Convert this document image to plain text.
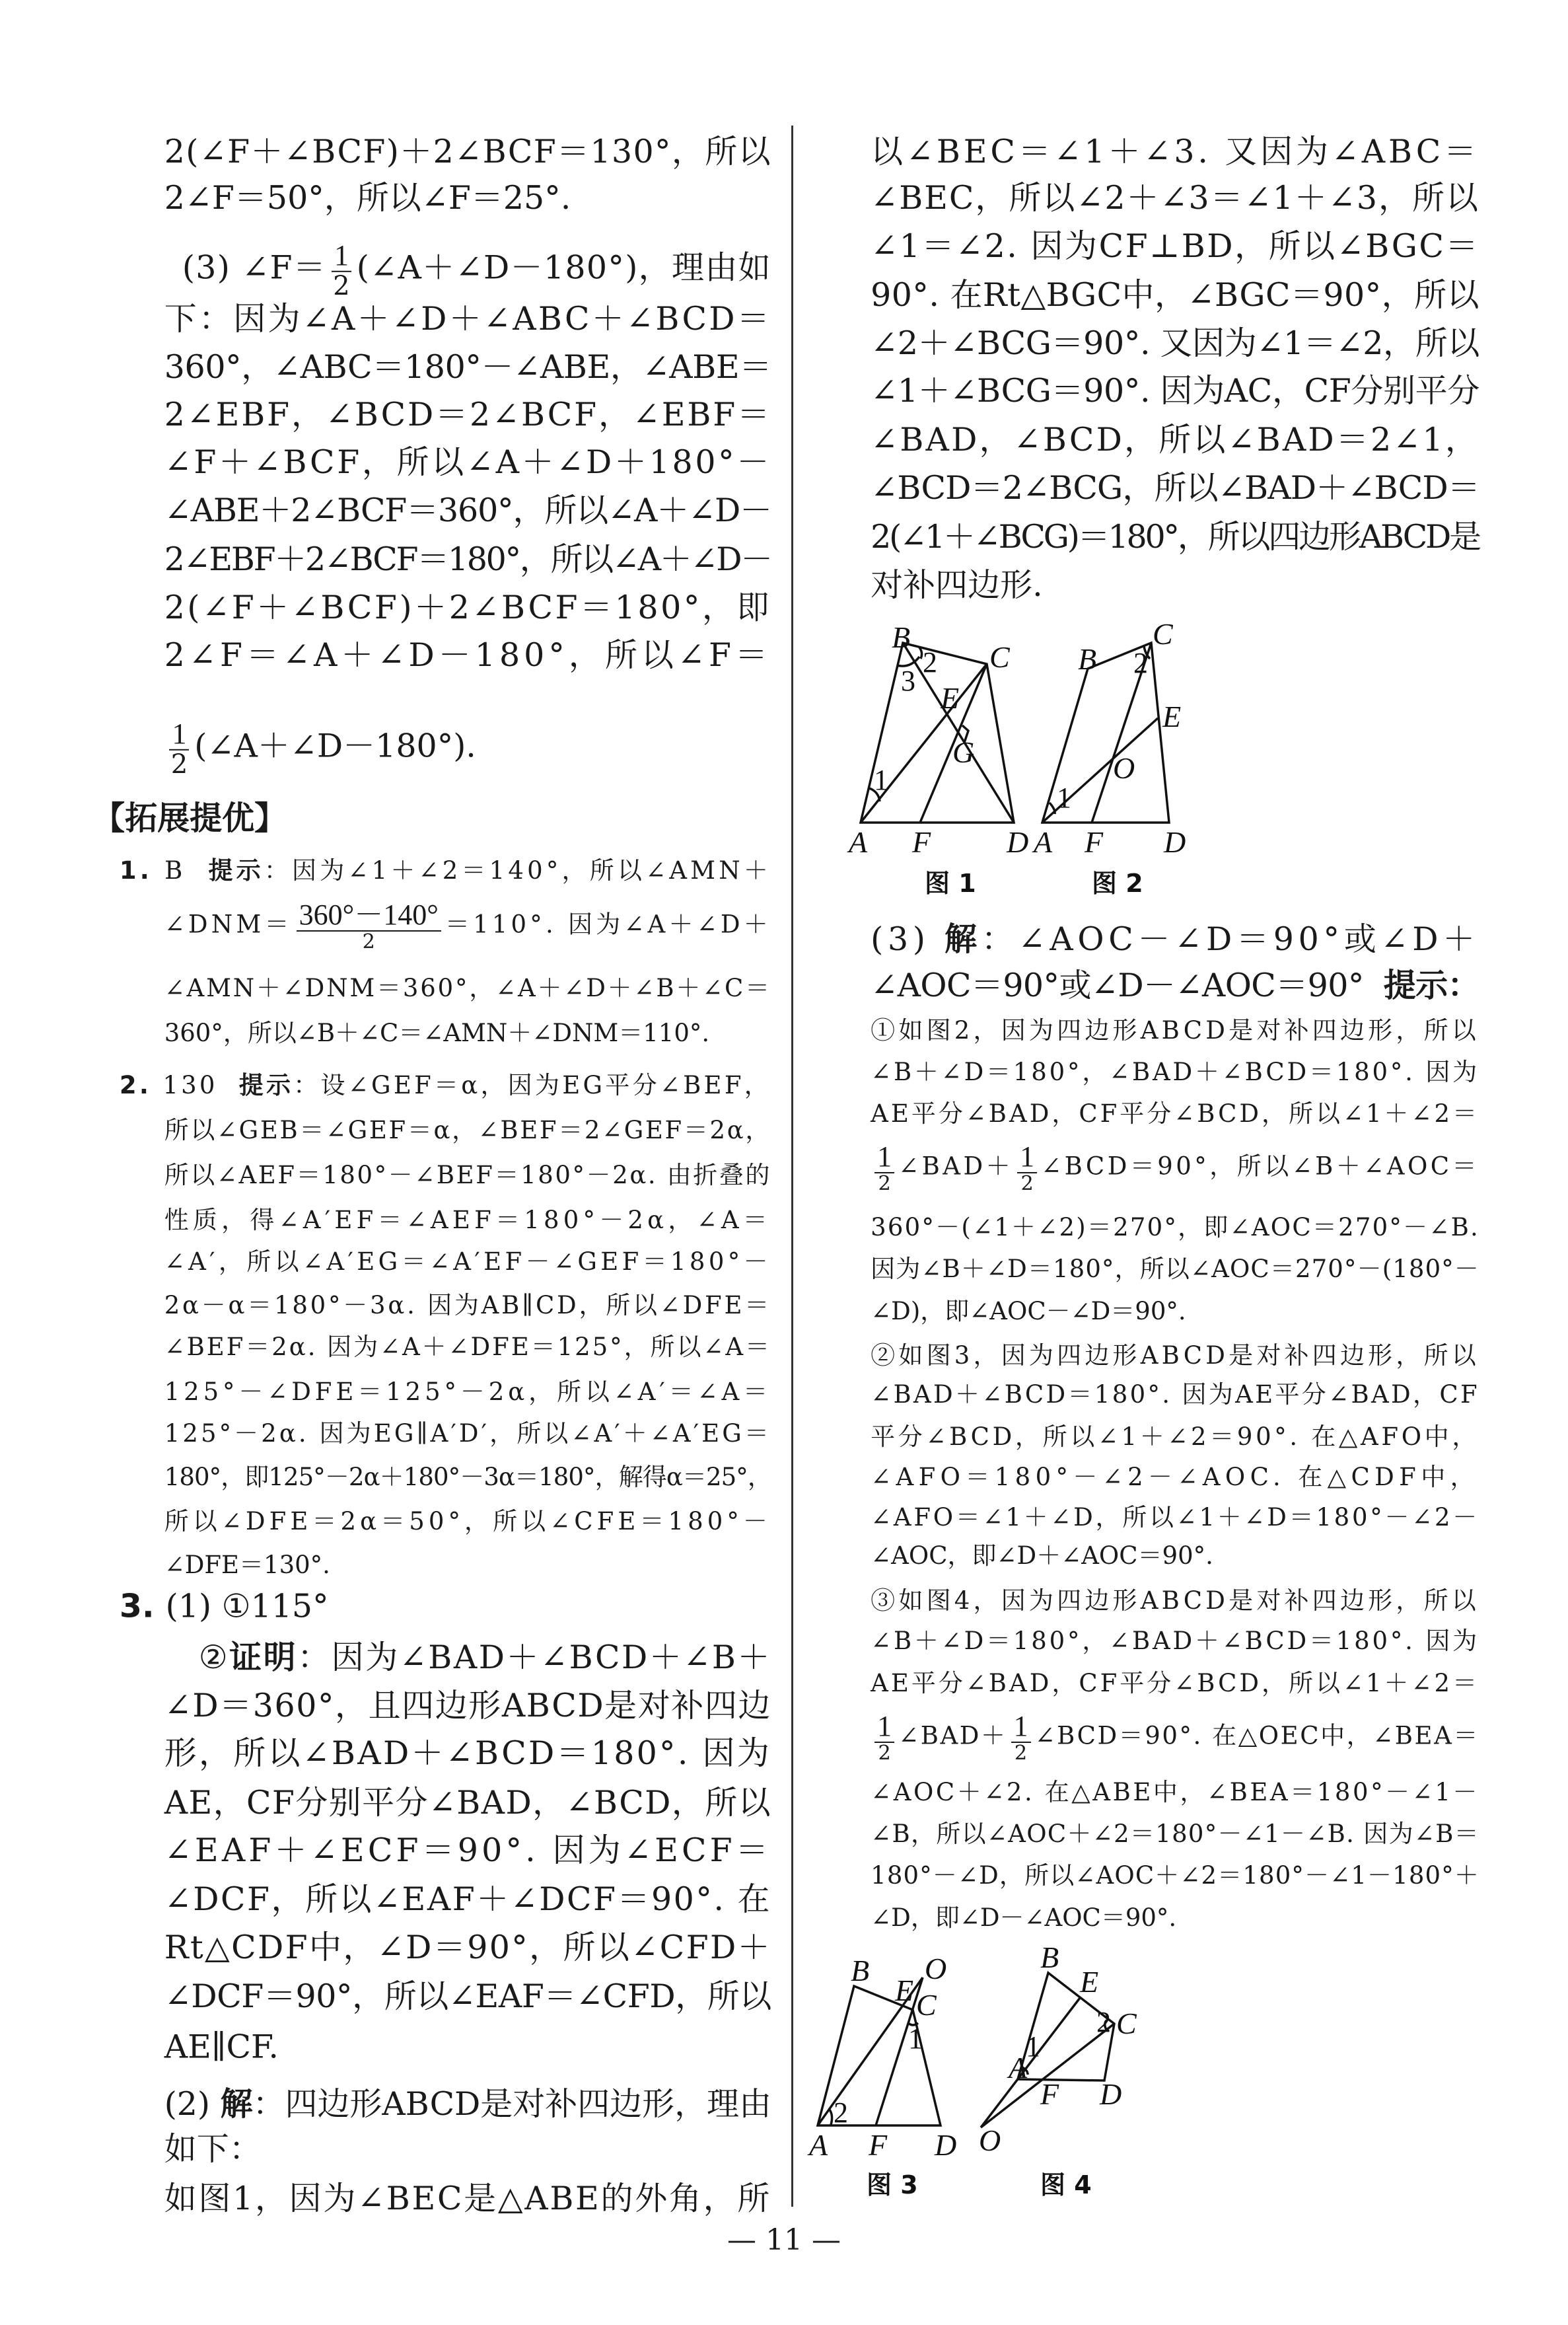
2(∠F＋∠BCF)＋2∠BCF＝130°，所以
2∠F＝50°，所以∠F＝25°.
(3) ∠F＝ $\frac{1}{2}$ (∠A＋∠D－180°)，理由如
下：因为∠A＋∠D＋∠ABC＋∠BCD＝
360°，∠ABC＝180°－∠ABE，∠ABE＝
2∠EBF，∠BCD＝2∠BCF，∠EBF＝
∠F＋∠BCF，所以∠A＋∠D＋180°－
∠ABE＋2∠BCF＝360°，所以∠A＋∠D－
2∠EBF＋2∠BCF＝180°，所以∠A＋∠D－
2(∠F＋∠BCF)＋2∠BCF＝180°，即
2∠F＝∠A＋∠D－180°，所以∠F＝
$\frac{1}{2}$ (∠A＋∠D－180°).
【拓展提优】
1. B  提示：因为∠1＋∠2＝140°，所以∠AMN＋
∠DNM＝ $\frac{360^\circ-140^\circ}{2} =110^\circ$. 因为∠A＋∠D＋
∠AMN＋∠DNM＝360°，∠A＋∠D＋∠B＋∠C＝
360°，所以∠B＋∠C＝∠AMN＋∠DNM＝110°.
2. 130  提示：设∠GEF＝α，因为EG平分∠BEF，
所以∠GEB＝∠GEF＝α，∠BEF＝2∠GEF＝2α，
所以∠AEF＝180°－∠BEF＝180°－2α. 由折叠的
性质，得∠A′EF＝∠AEF＝180°－2α，∠A＝
∠A′，所以∠A′EG＝∠A′EF－∠GEF＝180°－
2α－α＝180°－3α. 因为AB∥CD，所以∠DFE＝
∠BEF＝2α. 因为∠A＋∠DFE＝125°，所以∠A＝
125°－∠DFE＝125°－2α，所以∠A′＝∠A＝
125°－2α. 因为EG∥A′D′，所以∠A′＋∠A′EG＝
180°，即125°－2α＋180°－3α＝180°，解得α＝25°，
所以∠DFE＝2α＝50°，所以∠CFE＝180°－
∠DFE＝130°.
3. (1) ①115°
②证明：因为∠BAD＋∠BCD＋∠B＋
∠D＝360°，且四边形ABCD是对补四边
形，所以∠BAD＋∠BCD＝180°. 因为
AE，CF分别平分∠BAD，∠BCD，所以
∠EAF＋∠ECF＝90°. 因为∠ECF＝
∠DCF，所以∠EAF＋∠DCF＝90°. 在
Rt△CDF中，∠D＝90°，所以∠CFD＋
∠DCF＝90°，所以∠EAF＝∠CFD，所以
AE∥CF.
(2) 解：四边形ABCD是对补四边形，理由
如下：
如图1，因为∠BEC是△ABE的外角，所
以∠BEC＝∠1＋∠3. 又因为∠ABC＝
∠BEC，所以∠2＋∠3＝∠1＋∠3，所以
∠1＝∠2. 因为CF⊥BD，所以∠BGC＝
90°. 在Rt△BGC中，∠BGC＝90°，所以
∠2＋∠BCG＝90°. 又因为∠1＝∠2，所以
∠1＋∠BCG＝90°. 因为AC，CF分别平分
∠BAD，∠BCD，所以∠BAD＝2∠1，
∠BCD＝2∠BCG，所以∠BAD＋∠BCD＝
2(∠1＋∠BCG)＝180°，所以四边形ABCD是
对补四边形.
(3) 解：∠AOC－∠D＝90°或∠D＋
∠AOC＝90°或∠D－∠AOC＝90°  提示：
①如图2，因为四边形ABCD是对补四边形，所以
∠B＋∠D＝180°，∠BAD＋∠BCD＝180°. 因为
AE平分∠BAD，CF平分∠BCD，所以∠1＋∠2＝
$\frac{1}{2}$ ∠BAD＋ $\frac{1}{2}$ ∠BCD＝90°，所以∠B＋∠AOC＝
360°－(∠1＋∠2)＝270°，即∠AOC＝270°－∠B.
因为∠B＋∠D＝180°，所以∠AOC＝270°－(180°－
∠D)，即∠AOC－∠D＝90°.
②如图3，因为四边形ABCD是对补四边形，所以
∠BAD＋∠BCD＝180°. 因为AE平分∠BAD，CF
平分∠BCD，所以∠1＋∠2＝90°. 在△AFO中，
∠AFO＝180°－∠2－∠AOC. 在△CDF中，
∠AFO＝∠1＋∠D，所以∠1＋∠D＝180°－∠2－
∠AOC，即∠D＋∠AOC＝90°.
③如图4，因为四边形ABCD是对补四边形，所以
∠B＋∠D＝180°，∠BAD＋∠BCD＝180°. 因为
AE平分∠BAD，CF平分∠BCD，所以∠1＋∠2＝
$\frac{1}{2}$ ∠BAD＋ $\frac{1}{2}$ ∠BCD＝90°. 在△OEC中，∠BEA＝
∠AOC＋∠2. 在△ABE中，∠BEA＝180°－∠1－
∠B，所以∠AOC＋∠2＝180°－∠1－∠B. 因为∠B＝
180°－∠D，所以∠AOC＋∠2＝180°－∠1－180°＋
∠D，即∠D－∠AOC＝90°.
A
B
C
D
E
F
G
1
2
3
图 1
A
B
C
D
E
F
O
1
2
图 2
A
B
C
D
E
F
O
1
2
图 3
A
B
C
D
E
F
O
1
2
图 4
— 11 —
